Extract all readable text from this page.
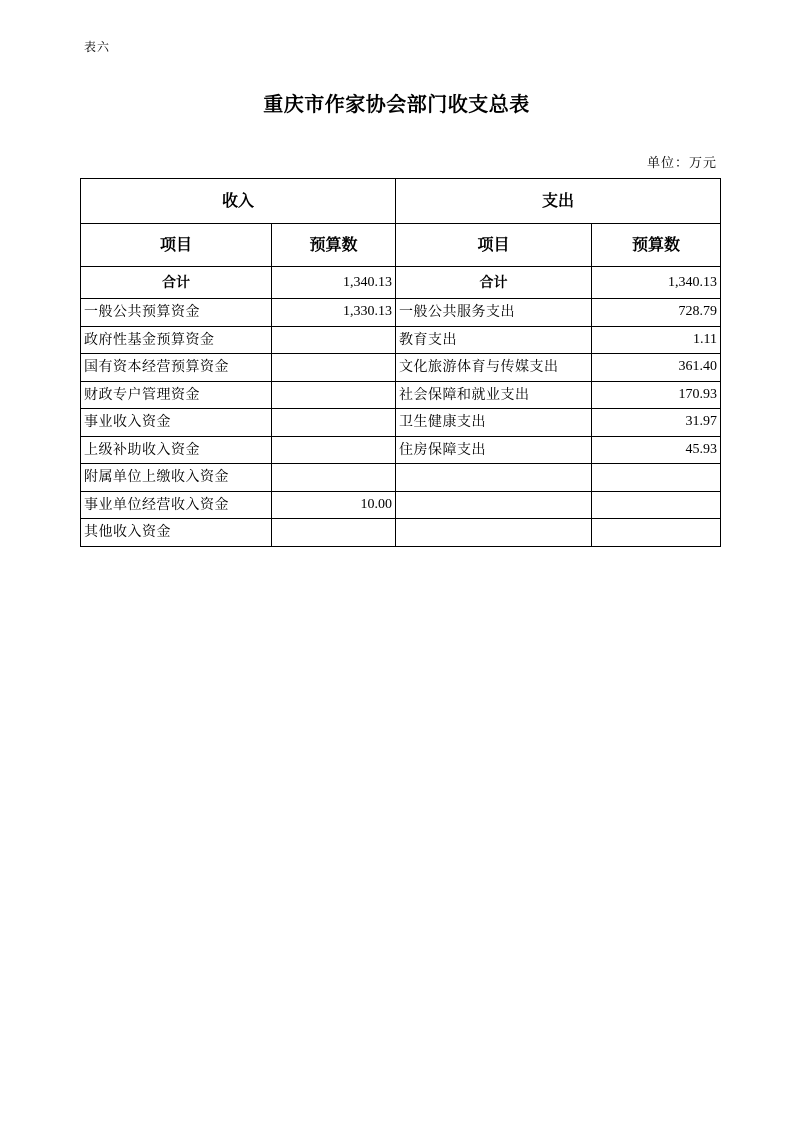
表六
重庆市作家协会部门收支总表
单位：万元
收入		支出	
项目	预算数	项目	预算数
合计	1,340.13	合计	1,340.13
一般公共预算资金	1,330.13	一般公共服务支出	728.79
政府性基金预算资金		教育支出	1.11
国有资本经营预算资金		文化旅游体育与传媒支出	361.40
财政专户管理资金		社会保障和就业支出	170.93
事业收入资金		卫生健康支出	31.97
上级补助收入资金		住房保障支出	45.93
附属单位上缴收入资金			
事业单位经营收入资金	10.00		
其他收入资金			
